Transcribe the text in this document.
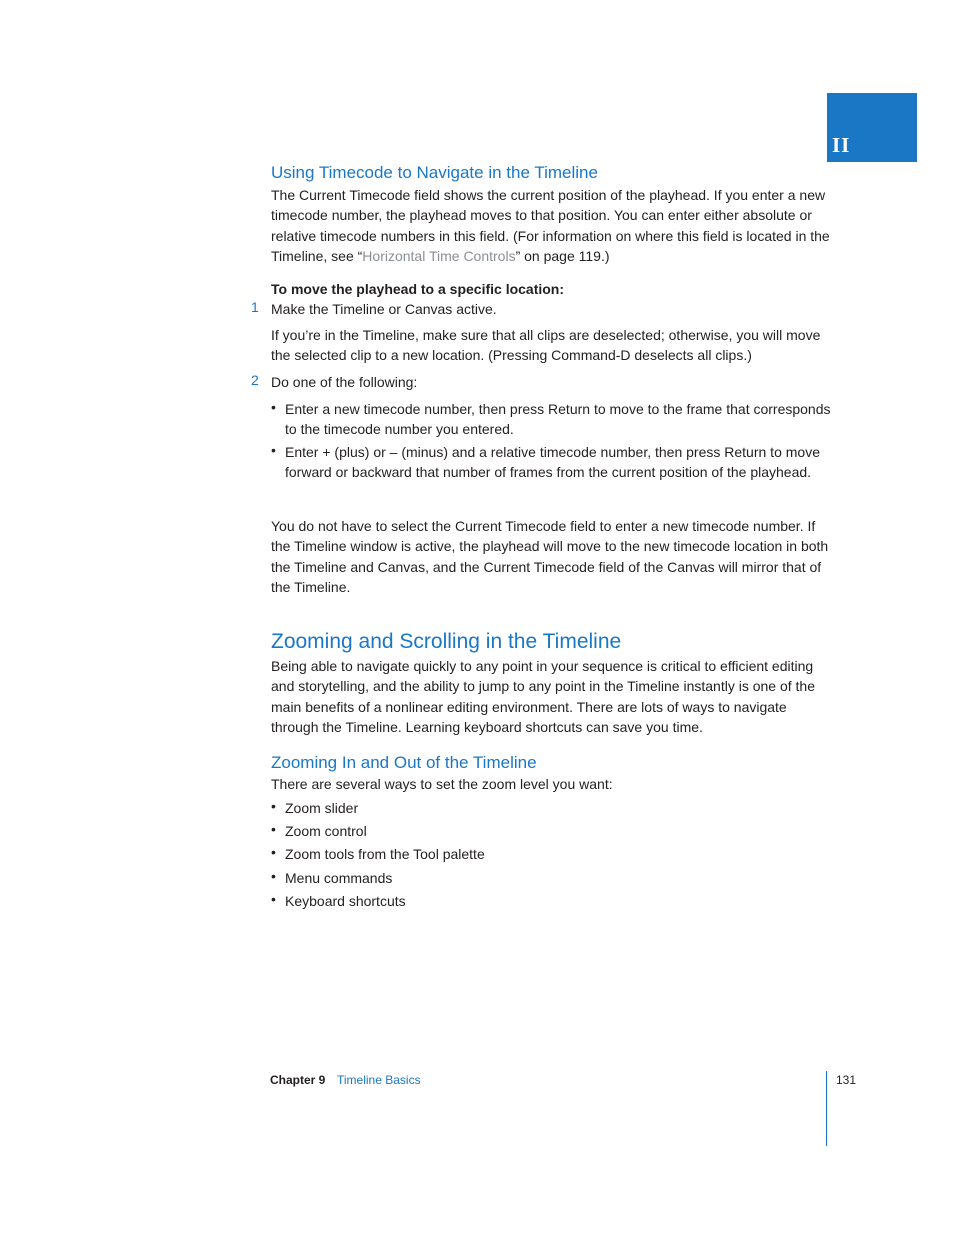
II
Using Timecode to Navigate in the Timeline

The Current Timecode field shows the current position of the playhead. If you enter a new timecode number, the playhead moves to that position. You can enter either absolute or relative timecode numbers in this field. (For information on where this field is located in the Timeline, see “Horizontal Time Controls” on page 119.)

To move the playhead to a specific location:

1 Make the Timeline or Canvas active.

If you’re in the Timeline, make sure that all clips are deselected; otherwise, you will move the selected clip to a new location. (Pressing Command-D deselects all clips.)

2 Do one of the following:

• Enter a new timecode number, then press Return to move to the frame that corresponds to the timecode number you entered.
• Enter + (plus) or – (minus) and a relative timecode number, then press Return to move forward or backward that number of frames from the current position of the playhead.

You do not have to select the Current Timecode field to enter a new timecode number. If the Timeline window is active, the playhead will move to the new timecode location in both the Timeline and Canvas, and the Current Timecode field of the Canvas will mirror that of the Timeline.

Zooming and Scrolling in the Timeline

Being able to navigate quickly to any point in your sequence is critical to efficient editing and storytelling, and the ability to jump to any point in the Timeline instantly is one of the main benefits of a nonlinear editing environment. There are lots of ways to navigate through the Timeline. Learning keyboard shortcuts can save you time.

Zooming In and Out of the Timeline

There are several ways to set the zoom level you want:

• Zoom slider
• Zoom control
• Zoom tools from the Tool palette
• Menu commands
• Keyboard shortcuts
Chapter 9 Timeline Basics	131
